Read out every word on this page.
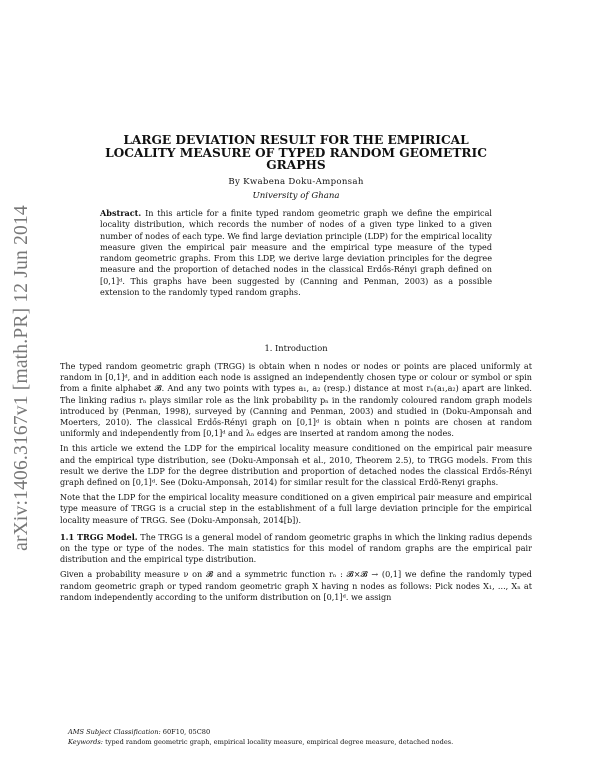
arXiv:1406.3167v1 [math.PR] 12 Jun 2014
LARGE DEVIATION RESULT FOR THE EMPIRICAL
LOCALITY MEASURE OF TYPED RANDOM GEOMETRIC
GRAPHS
By Kwabena Doku-Amponsah
University of Ghana
Abstract. In this article for a finite typed random geometric graph we define the empirical locality distribution, which records the number of nodes of a given type linked to a given number of nodes of each type. We find large deviation principle (LDP) for the empirical locality measure given the empirical pair measure and the empirical type measure of the typed random geometric graphs. From this LDP, we derive large deviation principles for the degree measure and the proportion of detached nodes in the classical Erdős-Rényi graph defined on [0,1]ᵈ. This graphs have been suggested by (Canning and Penman, 2003) as a possible extension to the randomly typed random graphs.
1. Introduction

The typed random geometric graph (TRGG) is obtain when n nodes or nodes or points are placed uniformly at random in [0,1]ᵈ, and in addition each node is assigned an independently chosen type or colour or symbol or spin from a finite alphabet 𝓑. And any two points with types a₁, a₂ (resp.) distance at most rₙ(a₁,a₂) apart are linked. The linking radius rₙ plays similar role as the link probability pₙ in the randomly coloured random graph models introduced by (Penman, 1998), surveyed by (Canning and Penman, 2003) and studied in (Doku-Amponsah and Moerters, 2010). The classical Erdős-Rényi graph on [0,1]ᵈ is obtain when n points are chosen at random uniformly and independently from [0,1]ᵈ and λₙ edges are inserted at random among the nodes.

In this article we extend the LDP for the empirical locality measure conditioned on the empirical pair measure and the empirical type distribution, see (Doku-Amponsah et al., 2010, Theorem 2.5), to TRGG models. From this result we derive the LDP for the degree distribution and proportion of detached nodes the classical Erdős-Rényi graph defined on [0,1]ᵈ. See (Doku-Amponsah, 2014) for similar result for the classical Erdö-Renyi graphs.

Note that the LDP for the empirical locality measure conditioned on a given empirical pair measure and empirical type measure of TRGG is a crucial step in the establishment of a full large deviation principle for the empirical locality measure of TRGG. See (Doku-Amponsah, 2014[b]).

1.1 TRGG Model. The TRGG is a general model of random geometric graphs in which the linking radius depends on the type or type of the nodes. The main statistics for this model of random graphs are the empirical pair distribution and the empirical type distribution.

Given a probability measure ν on 𝓑 and a symmetric function rₙ : 𝓑×𝓑 → (0,1] we define the randomly typed random geometric graph or typed random geometric graph X having n nodes as follows: Pick nodes X₁, ..., Xₙ at random independently according to the uniform distribution on [0,1]ᵈ. we assign

AMS Subject Classification: 60F10, 05C80
Keywords: typed random geometric graph, empirical locality measure, empirical degree measure, detached nodes.
